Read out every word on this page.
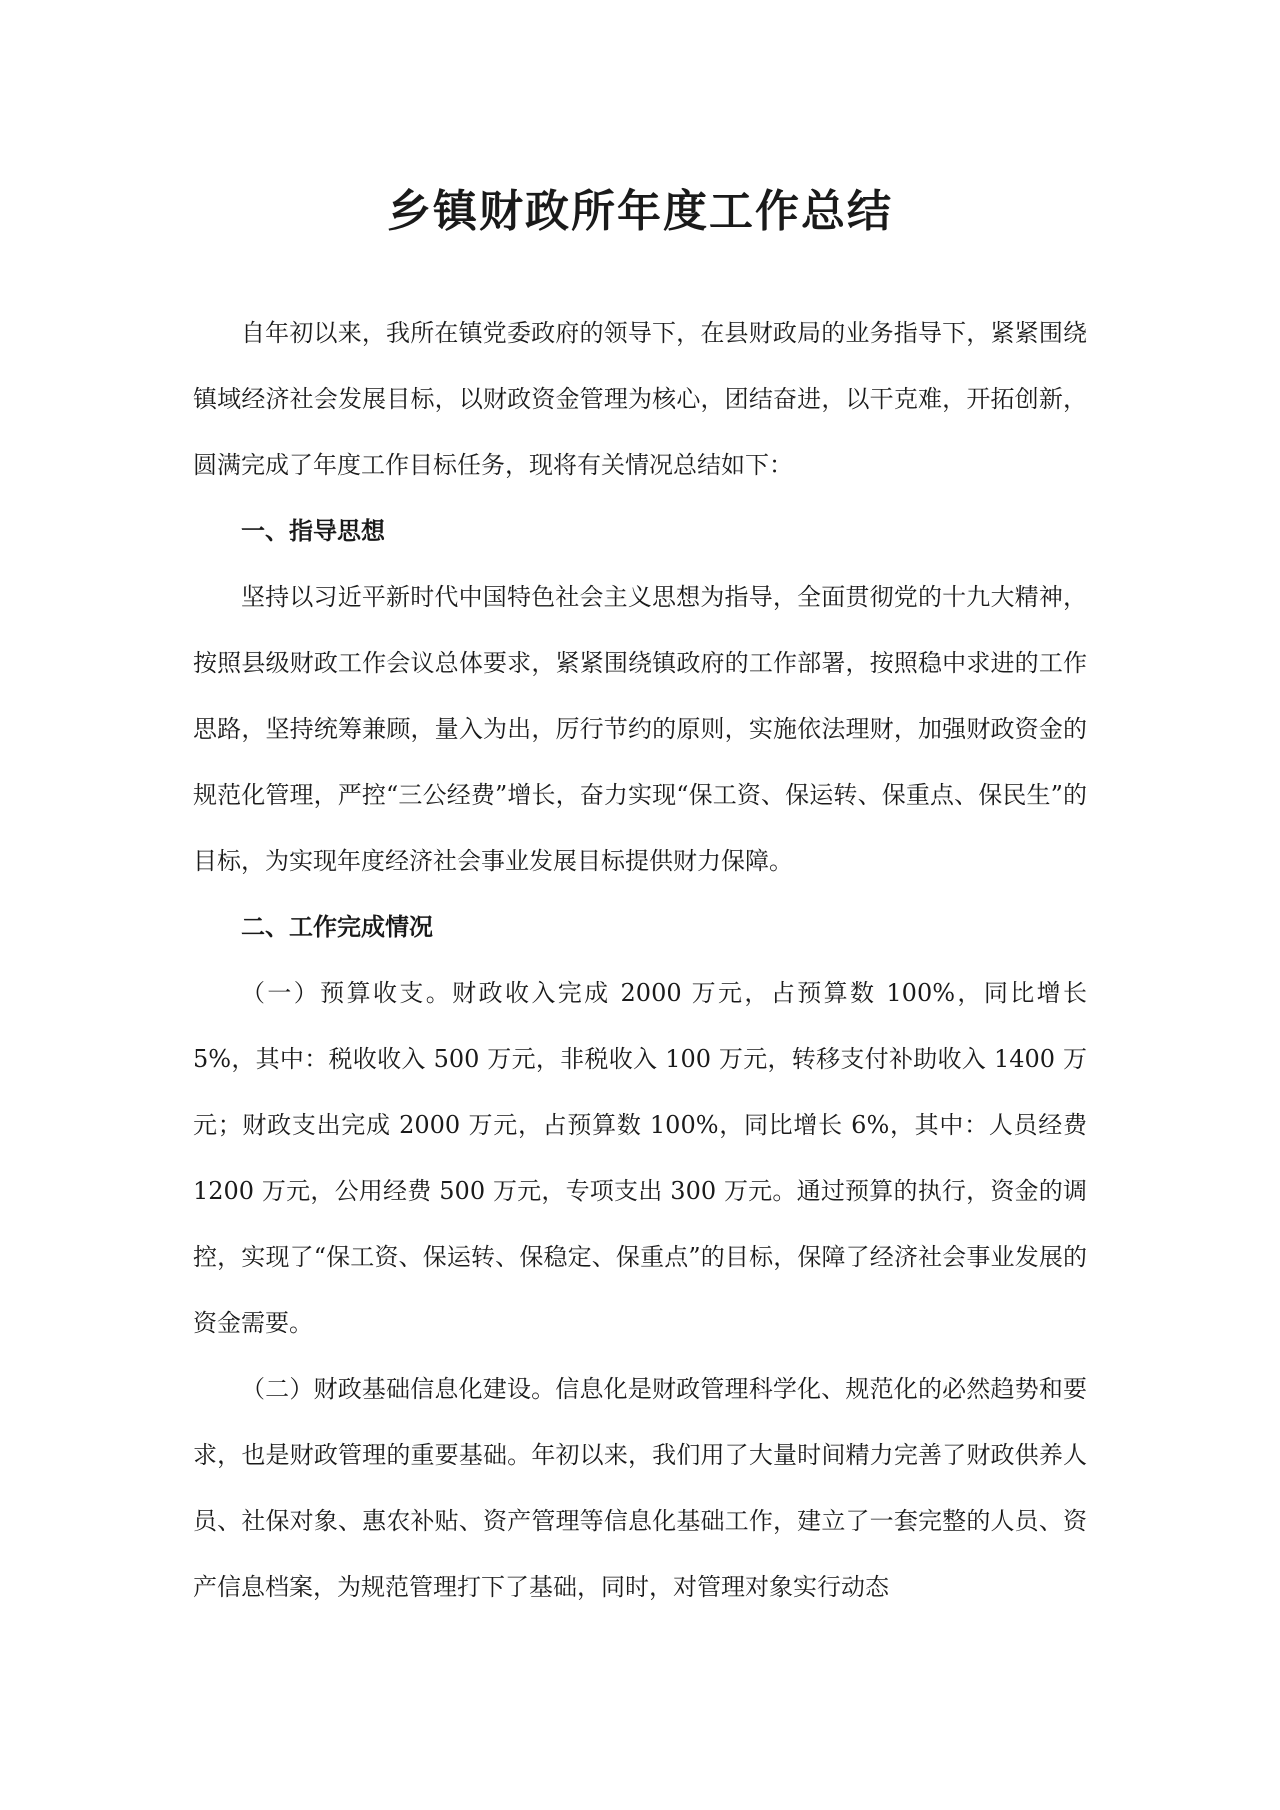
乡镇财政所年度工作总结

自年初以来，我所在镇党委政府的领导下，在县财政局的业务指导下，紧紧围绕镇域经济社会发展目标，以财政资金管理为核心，团结奋进，以干克难，开拓创新，圆满完成了年度工作目标任务，现将有关情况总结如下：

一、指导思想

坚持以习近平新时代中国特色社会主义思想为指导，全面贯彻党的十九大精神，按照县级财政工作会议总体要求，紧紧围绕镇政府的工作部署，按照稳中求进的工作思路，坚持统筹兼顾，量入为出，厉行节约的原则，实施依法理财，加强财政资金的规范化管理，严控“三公经费”增长，奋力实现“保工资、保运转、保重点、保民生”的目标，为实现年度经济社会事业发展目标提供财力保障。

二、工作完成情况

（一）预算收支。财政收入完成 2000 万元，占预算数 100%，同比增长 5%，其中：税收收入 500 万元，非税收入 100 万元，转移支付补助收入 1400 万元；财政支出完成 2000 万元，占预算数 100%，同比增长 6%，其中：人员经费 1200 万元，公用经费 500 万元，专项支出 300 万元。通过预算的执行，资金的调控，实现了“保工资、保运转、保稳定、保重点”的目标，保障了经济社会事业发展的资金需要。

（二）财政基础信息化建设。信息化是财政管理科学化、规范化的必然趋势和要求，也是财政管理的重要基础。年初以来，我们用了大量时间精力完善了财政供养人员、社保对象、惠农补贴、资产管理等信息化基础工作，建立了一套完整的人员、资产信息档案，为规范管理打下了基础，同时，对管理对象实行动态
